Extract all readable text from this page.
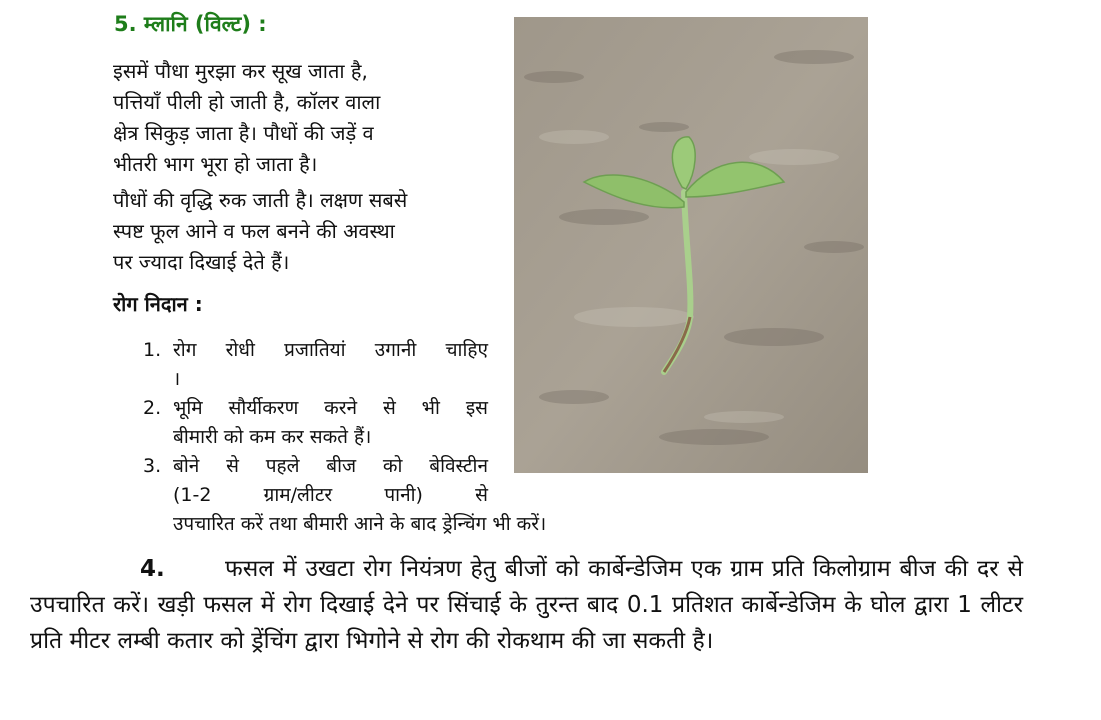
5. म्लानि (विल्ट) :
इसमें पौधा मुरझा कर सूख जाता है,
पत्तियाँ पीली हो जाती है, कॉलर वाला
क्षेत्र सिकुड़ जाता है। पौधों की जड़ें व
भीतरी भाग भूरा हो जाता है।
पौधों की वृद्धि रुक जाती है। लक्षण सबसे
स्पष्ट फूल आने व फल बनने की अवस्था
पर ज्यादा दिखाई देते हैं।
रोग निदान :
1. रोग रोधी प्रजातियां उगानी चाहिए
।
2. भूमि सौर्यीकरण करने से भी इस
बीमारी को कम कर सकते हैं।
3. बोने से पहले बीज को बेविस्टीन
(1-2 ग्राम/लीटर पानी) से
उपचारित करें तथा बीमारी आने के बाद ड्रेन्चिंग भी करें।
4.	फसल में उखटा रोग नियंत्रण हेतु बीजों को कार्बेन्डेजिम एक ग्राम प्रति किलोग्राम बीज की दर से उपचारित करें। खड़ी फसल में रोग दिखाई देने पर सिंचाई के तुरन्त बाद 0.1 प्रतिशत कार्बेन्डेजिम के घोल द्वारा 1 लीटर प्रति मीटर लम्बी कतार को ड्रेंचिंग द्वारा भिगोने से रोग की रोकथाम की जा सकती है।
